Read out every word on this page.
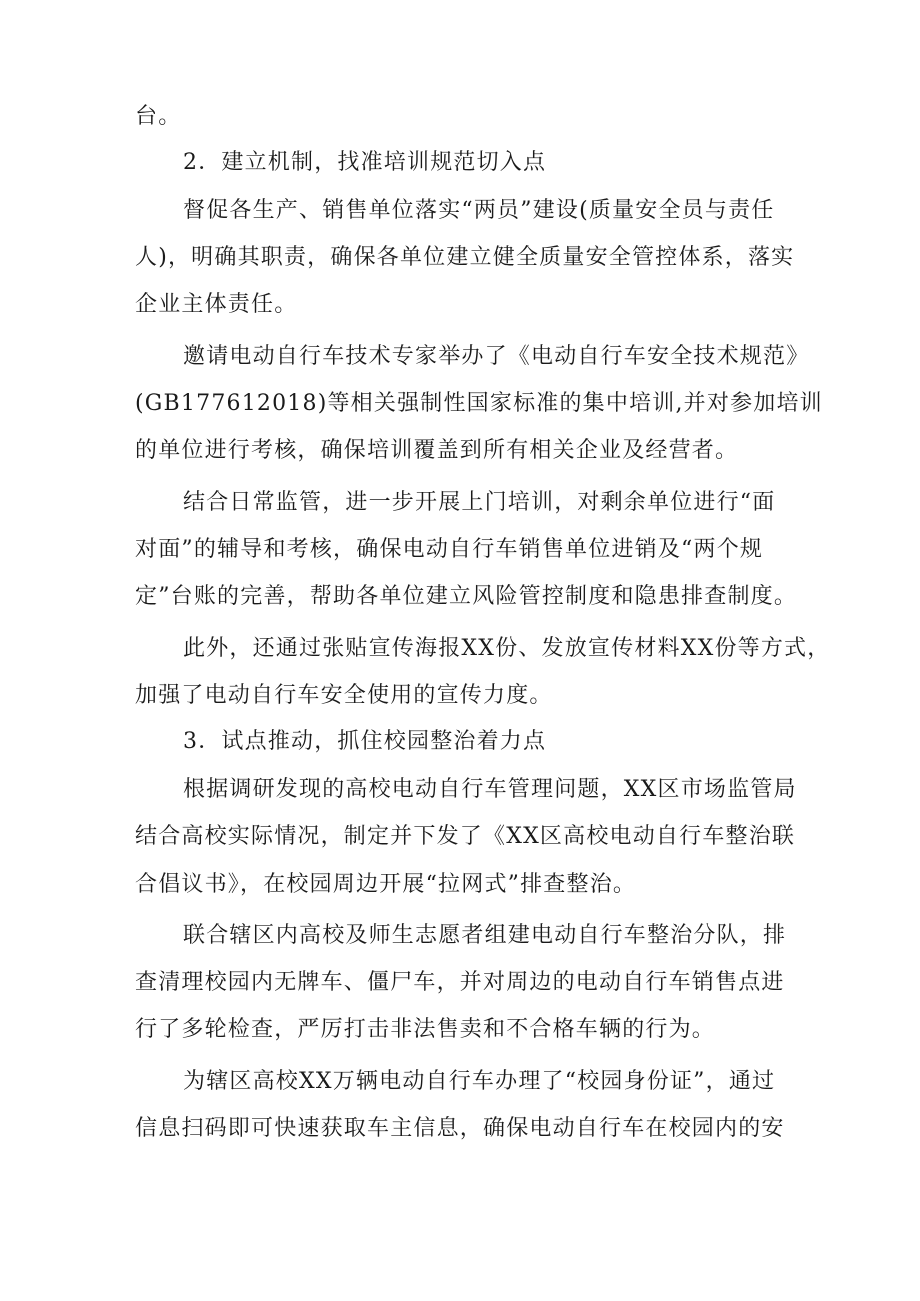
台。
2．建立机制，找准培训规范切入点
督促各生产、销售单位落实“两员”建设(质量安全员与责任
人)，明确其职责，确保各单位建立健全质量安全管控体系，落实
企业主体责任。
邀请电动自行车技术专家举办了《电动自行车安全技术规范》
(GB177612018)等相关强制性国家标准的集中培训,并对参加培训
的单位进行考核，确保培训覆盖到所有相关企业及经营者。
结合日常监管，进一步开展上门培训，对剩余单位进行“面
对面”的辅导和考核，确保电动自行车销售单位进销及“两个规
定”台账的完善，帮助各单位建立风险管控制度和隐患排查制度。
此外，还通过张贴宣传海报XX份、发放宣传材料XX份等方式，
加强了电动自行车安全使用的宣传力度。
3．试点推动，抓住校园整治着力点
根据调研发现的高校电动自行车管理问题，XX区市场监管局
结合高校实际情况，制定并下发了《XX区高校电动自行车整治联
合倡议书》，在校园周边开展“拉网式”排查整治。
联合辖区内高校及师生志愿者组建电动自行车整治分队，排
查清理校园内无牌车、僵尸车，并对周边的电动自行车销售点进
行了多轮检查，严厉打击非法售卖和不合格车辆的行为。
为辖区高校XX万辆电动自行车办理了“校园身份证”，通过
信息扫码即可快速获取车主信息，确保电动自行车在校园内的安
